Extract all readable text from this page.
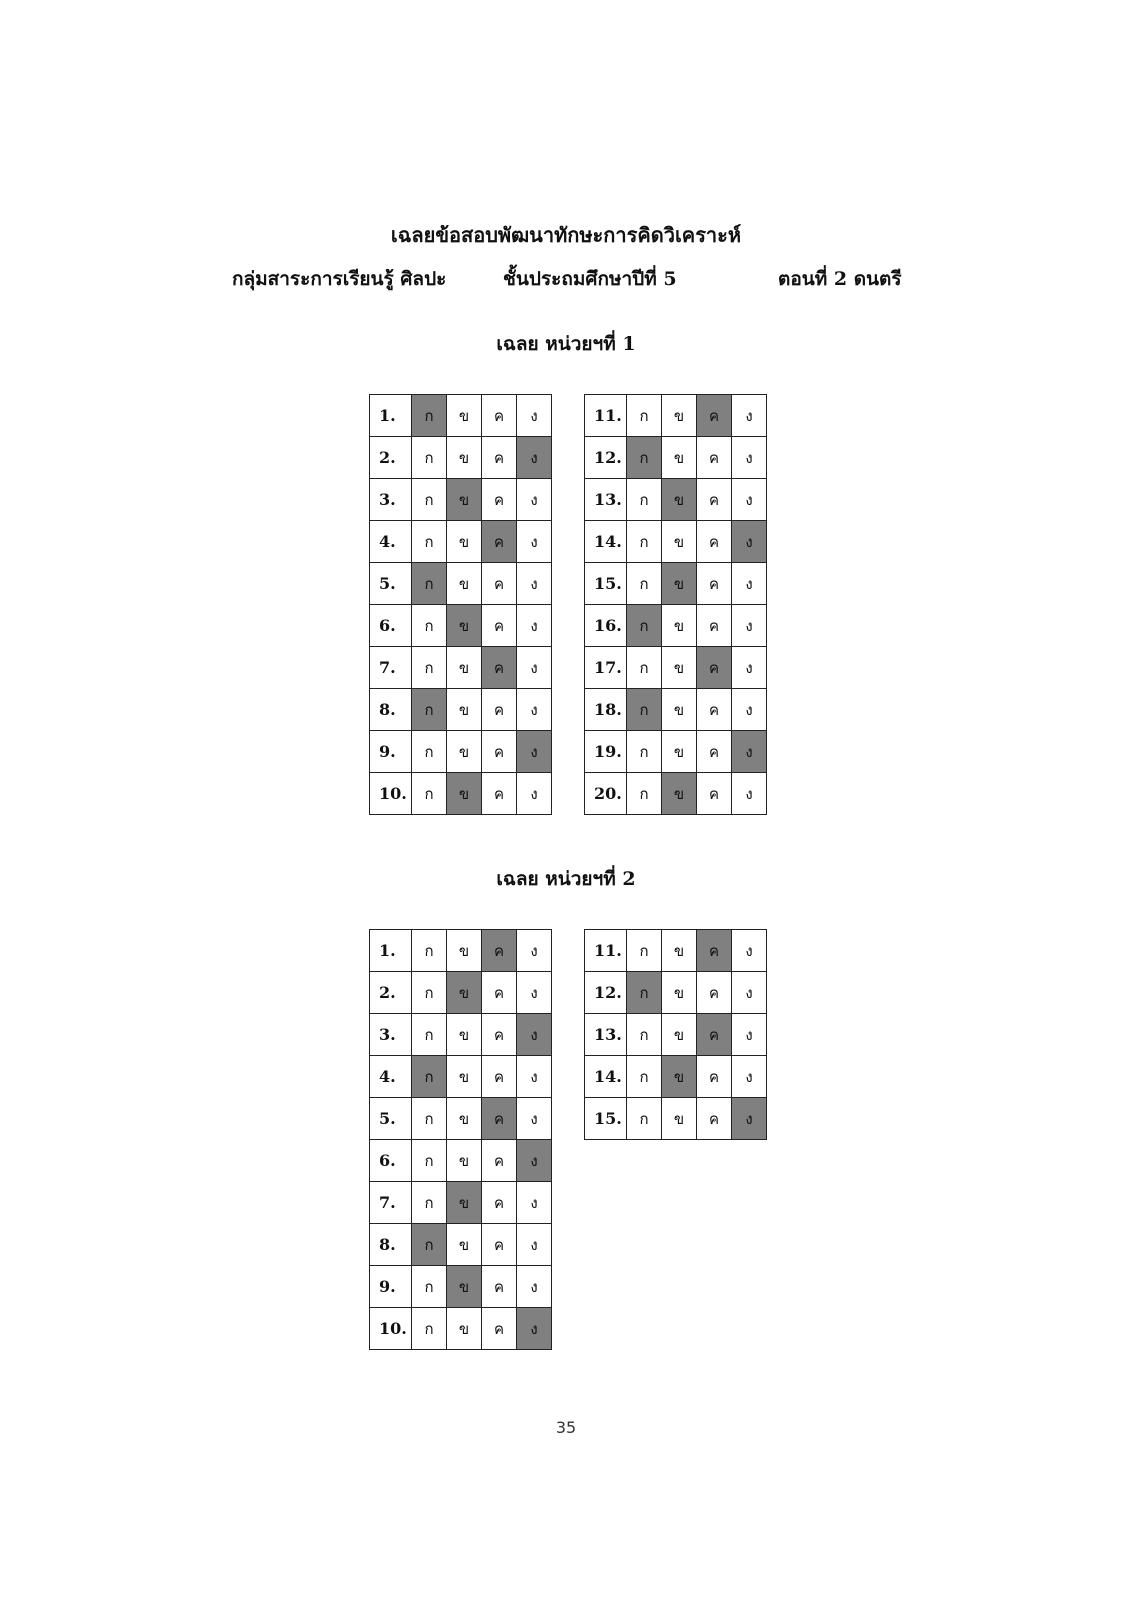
เฉลยข้อสอบพัฒนาทักษะการคิดวิเคราะห์
กลุ่มสาระการเรียนรู้ ศิลปะ	ชั้นประถมศึกษาปีที่ 5	ตอนที่ 2 ดนตรี
เฉลย หน่วยฯที่ 1
1.	ก	ข	ค	ง
2.	ก	ข	ค	ง
3.	ก	ข	ค	ง
4.	ก	ข	ค	ง
5.	ก	ข	ค	ง
6.	ก	ข	ค	ง
7.	ก	ข	ค	ง
8.	ก	ข	ค	ง
9.	ก	ข	ค	ง
10.	ก	ข	ค	ง
11.	ก	ข	ค	ง
12.	ก	ข	ค	ง
13.	ก	ข	ค	ง
14.	ก	ข	ค	ง
15.	ก	ข	ค	ง
16.	ก	ข	ค	ง
17.	ก	ข	ค	ง
18.	ก	ข	ค	ง
19.	ก	ข	ค	ง
20.	ก	ข	ค	ง
เฉลย หน่วยฯที่ 2
1.	ก	ข	ค	ง
2.	ก	ข	ค	ง
3.	ก	ข	ค	ง
4.	ก	ข	ค	ง
5.	ก	ข	ค	ง
6.	ก	ข	ค	ง
7.	ก	ข	ค	ง
8.	ก	ข	ค	ง
9.	ก	ข	ค	ง
10.	ก	ข	ค	ง
11.	ก	ข	ค	ง
12.	ก	ข	ค	ง
13.	ก	ข	ค	ง
14.	ก	ข	ค	ง
15.	ก	ข	ค	ง
35
